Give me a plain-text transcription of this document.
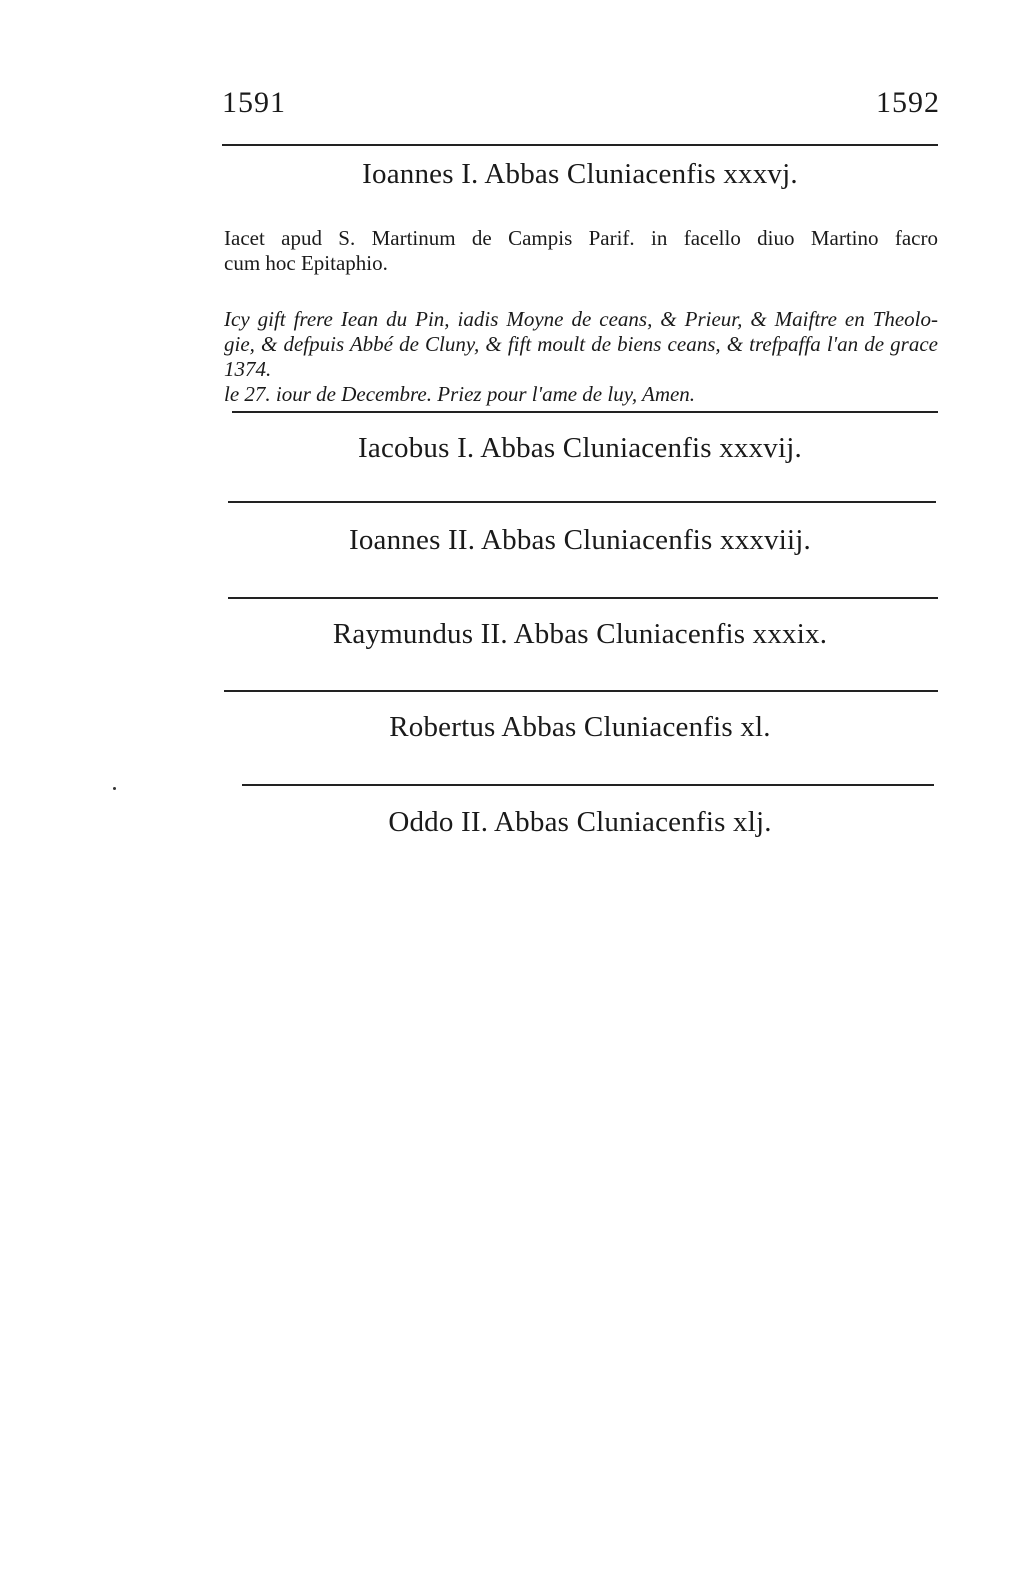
1591	1592
Ioannes I. Abbas Cluniacenfis xxxvj.

Iacet apud S. Martinum de Campis Parif. in facello diuo Martino facro
cum hoc Epitaphio.

Icy gift frere Iean du Pin, iadis Moyne de ceans, & Prieur, & Maiftre en Theolo-
gie, & defpuis Abbé de Cluny, & fift moult de biens ceans, & trefpaffa l'an de grace 1374.
le 27. iour de Decembre. Priez pour l'ame de luy, Amen.

Iacobus I. Abbas Cluniacenfis xxxvij.
Ioannes II. Abbas Cluniacenfis xxxviij.
Raymundus II. Abbas Cluniacenfis xxxix.
Robertus Abbas Cluniacenfis xl.
Oddo II. Abbas Cluniacenfis xlj.
